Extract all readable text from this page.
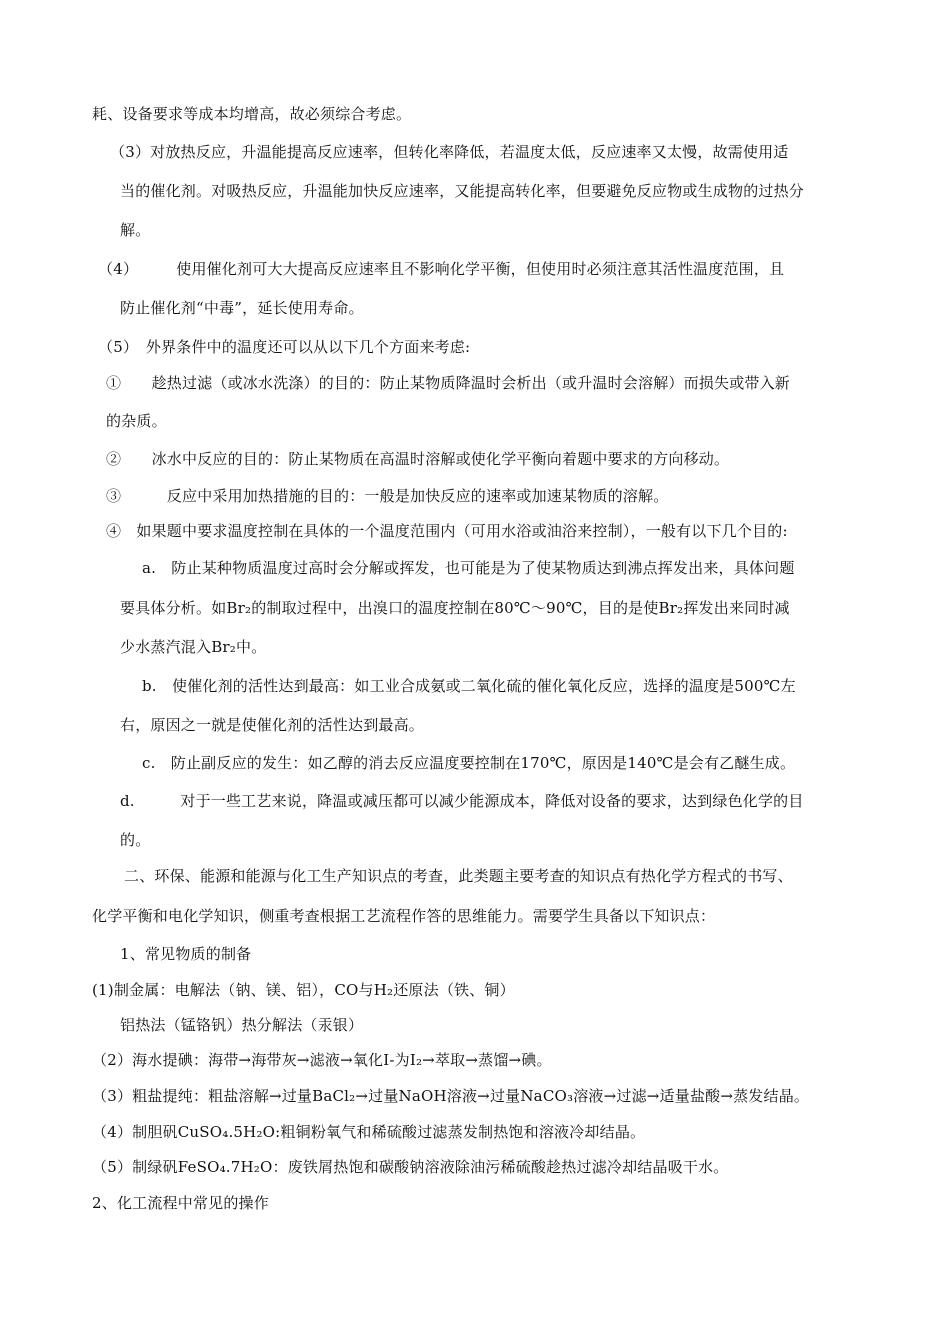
耗、设备要求等成本均增高，故必须综合考虑。
（3）对放热反应，升温能提高反应速率，但转化率降低，若温度太低，反应速率又太慢，故需使用适
当的催化剂。对吸热反应，升温能加快反应速率，又能提高转化率，但要避免反应物或生成物的过热分
解。
（4）　　　使用催化剂可大大提高反应速率且不影响化学平衡，但使用时必须注意其活性温度范围，且
防止催化剂“中毒”，延长使用寿命。
（5）　外界条件中的温度还可以从以下几个方面来考虑:
①　　趁热过滤（或冰水洗涤）的目的：防止某物质降温时会析出（或升温时会溶解）而损失或带入新
的杂质。
②　　冰水中反应的目的：防止某物质在高温时溶解或使化学平衡向着题中要求的方向移动。
③　　　反应中采用加热措施的目的：一般是加快反应的速率或加速某物质的溶解。
④　如果题中要求温度控制在具体的一个温度范围内（可用水浴或油浴来控制），一般有以下几个目的:
a.　防止某种物质温度过高时会分解或挥发，也可能是为了使某物质达到沸点挥发出来，具体问题
要具体分析。如Br₂的制取过程中，出溴口的温度控制在80℃～90℃，目的是使Br₂挥发出来同时减
少水蒸汽混入Br₂中。
b.　使催化剂的活性达到最高：如工业合成氨或二氧化硫的催化氧化反应，选择的温度是500℃左
右，原因之一就是使催化剂的活性达到最高。
c.　防止副反应的发生：如乙醇的消去反应温度要控制在170℃，原因是140℃是会有乙醚生成。
d.　　　对于一些工艺来说，降温或减压都可以减少能源成本，降低对设备的要求，达到绿色化学的目
的。
二、环保、能源和能源与化工生产知识点的考查，此类题主要考查的知识点有热化学方程式的书写、
化学平衡和电化学知识，侧重考查根据工艺流程作答的思维能力。需要学生具备以下知识点：
1、常见物质的制备
(1)制金属：电解法（钠、镁、铝），CO与H₂还原法（铁、铜）
铝热法（锰铬钒）热分解法（汞银）
（2）海水提碘：海带→海带灰→滤液→氧化I-为I₂→萃取→蒸馏→碘。
（3）粗盐提纯：粗盐溶解→过量BaCl₂→过量NaOH溶液→过量NaCO₃溶液→过滤→适量盐酸→蒸发结晶。
（4）制胆矾CuSO₄.5H₂O:粗铜粉氧气和稀硫酸过滤蒸发制热饱和溶液冷却结晶。
（5）制绿矾FeSO₄.7H₂O：废铁屑热饱和碳酸钠溶液除油污稀硫酸趁热过滤冷却结晶吸干水。
2、化工流程中常见的操作
